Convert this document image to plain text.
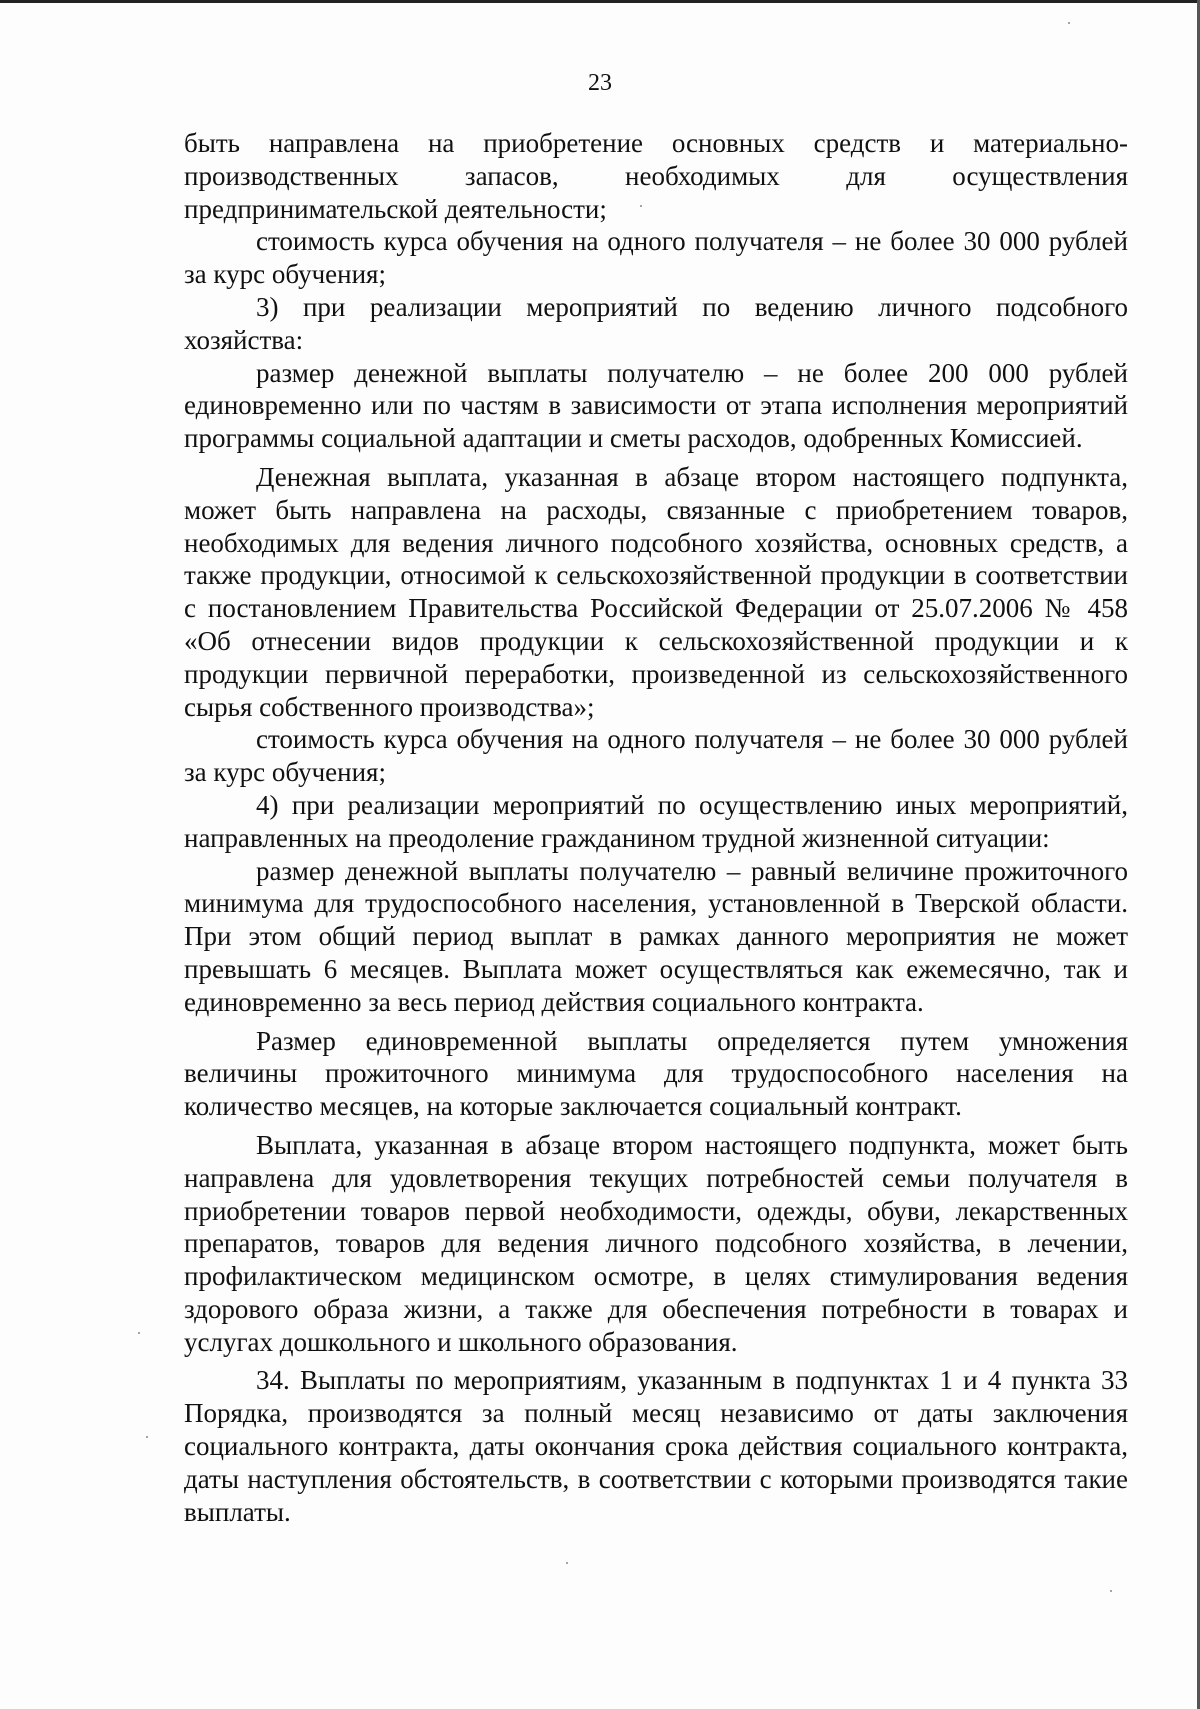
23

быть направлена на приобретение основных средств и материально-производственных запасов, необходимых для осуществления предпринимательской деятельности;

стоимость курса обучения на одного получателя – не более 30 000 рублей за курс обучения;

3) при реализации мероприятий по ведению личного подсобного хозяйства:

размер денежной выплаты получателю – не более 200 000 рублей единовременно или по частям в зависимости от этапа исполнения мероприятий программы социальной адаптации и сметы расходов, одобренных Комиссией.

Денежная выплата, указанная в абзаце втором настоящего подпункта, может быть направлена на расходы, связанные с приобретением товаров, необходимых для ведения личного подсобного хозяйства, основных средств, а также продукции, относимой к сельскохозяйственной продукции в соответствии с постановлением Правительства Российской Федерации от 25.07.2006 № 458 «Об отнесении видов продукции к сельскохозяйственной продукции и к продукции первичной переработки, произведенной из сельскохозяйственного сырья собственного производства»;

стоимость курса обучения на одного получателя – не более 30 000 рублей за курс обучения;

4) при реализации мероприятий по осуществлению иных мероприятий, направленных на преодоление гражданином трудной жизненной ситуации:

размер денежной выплаты получателю – равный величине прожиточного минимума для трудоспособного населения, установленной в Тверской области. При этом общий период выплат в рамках данного мероприятия не может превышать 6 месяцев. Выплата может осуществляться как ежемесячно, так и единовременно за весь период действия социального контракта.

Размер единовременной выплаты определяется путем умножения величины прожиточного минимума для трудоспособного населения на количество месяцев, на которые заключается социальный контракт.

Выплата, указанная в абзаце втором настоящего подпункта, может быть направлена для удовлетворения текущих потребностей семьи получателя в приобретении товаров первой необходимости, одежды, обуви, лекарственных препаратов, товаров для ведения личного подсобного хозяйства, в лечении, профилактическом медицинском осмотре, в целях стимулирования ведения здорового образа жизни, а также для обеспечения потребности в товарах и услугах дошкольного и школьного образования.

34. Выплаты по мероприятиям, указанным в подпунктах 1 и 4 пункта 33 Порядка, производятся за полный месяц независимо от даты заключения социального контракта, даты окончания срока действия социального контракта, даты наступления обстоятельств, в соответствии с которыми производятся такие выплаты.
